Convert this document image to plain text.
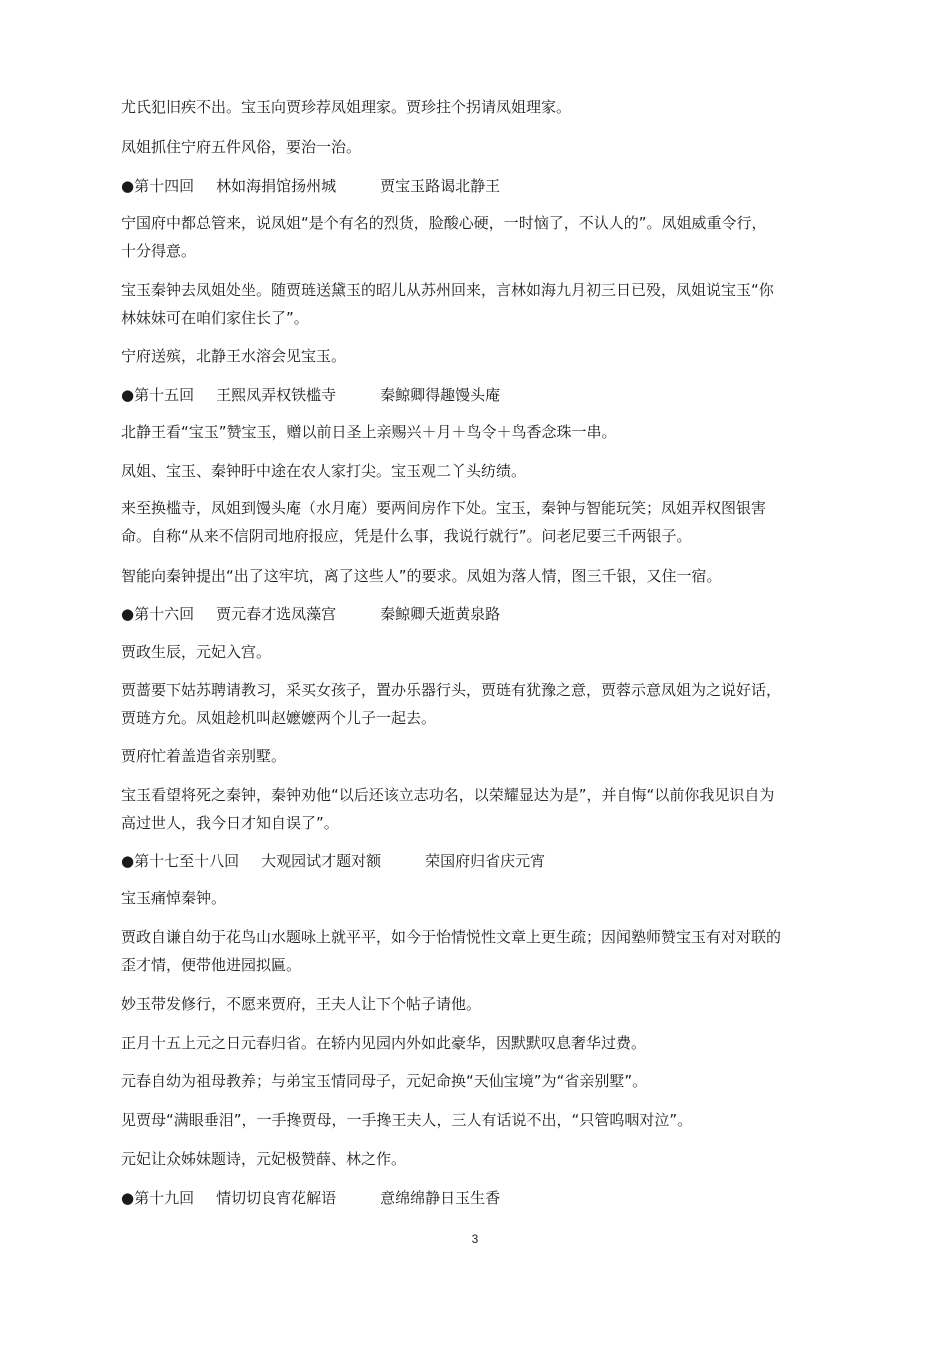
尤氏犯旧疾不出。宝玉向贾珍荐凤姐理家。贾珍拄个拐请凤姐理家。
凤姐抓住宁府五件风俗，要治一治。
●第十四回 林如海捐馆扬州城	贾宝玉路谒北静王
宁国府中都总管来，说凤姐“是个有名的烈货，脸酸心硬，一时恼了，不认人的”。凤姐威重令行，十分得意。
宝玉秦钟去凤姐处坐。随贾琏送黛玉的昭儿从苏州回来，言林如海九月初三日已殁，凤姐说宝玉“你林妹妹可在咱们家住长了”。
宁府送殡，北静王水溶会见宝玉。
●第十五回 王熙凤弄权铁槛寺	秦鲸卿得趣馒头庵
北静王看“宝玉”赞宝玉，赠以前日圣上亲赐兴＋月＋鸟令＋鸟香念珠一串。
凤姐、宝玉、秦钟盱中途在农人家打尖。宝玉观二丫头纺绩。
来至换槛寺，凤姐到馒头庵（水月庵）要两间房作下处。宝玉，秦钟与智能玩笑；凤姐弄权图银害命。自称“从来不信阴司地府报应，凭是什么事，我说行就行”。问老尼要三千两银子。
智能向秦钟提出“出了这牢坑，离了这些人”的要求。凤姐为落人情，图三千银，又住一宿。
●第十六回 贾元春才选凤藻宫	秦鲸卿夭逝黄泉路
贾政生辰，元妃入宫。
贾蔷要下姑苏聘请教习，采买女孩子，置办乐器行头，贾琏有犹豫之意，贾蓉示意凤姐为之说好话，贾琏方允。凤姐趁机叫赵嬷嬷两个儿子一起去。
贾府忙着盖造省亲别墅。
宝玉看望将死之秦钟，秦钟劝他“以后还该立志功名，以荣耀显达为是”，并自悔“以前你我见识自为高过世人，我今日才知自误了”。
●第十七至十八回 大观园试才题对额	荣国府归省庆元宵
宝玉痛悼秦钟。
贾政自谦自幼于花鸟山水题咏上就平平，如今于怡情悦性文章上更生疏；因闻塾师赞宝玉有对对联的歪才情，便带他进园拟匾。
妙玉带发修行，不愿来贾府，王夫人让下个帖子请他。
正月十五上元之日元春归省。在轿内见园内外如此豪华，因默默叹息奢华过费。
元春自幼为祖母教养；与弟宝玉情同母子，元妃命换“天仙宝境”为“省亲别墅”。
见贾母“满眼垂泪”，一手搀贾母，一手搀王夫人，三人有话说不出，“只管呜咽对泣”。
元妃让众姊妹题诗，元妃极赞薛、林之作。
●第十九回 情切切良宵花解语	意绵绵静日玉生香
3
